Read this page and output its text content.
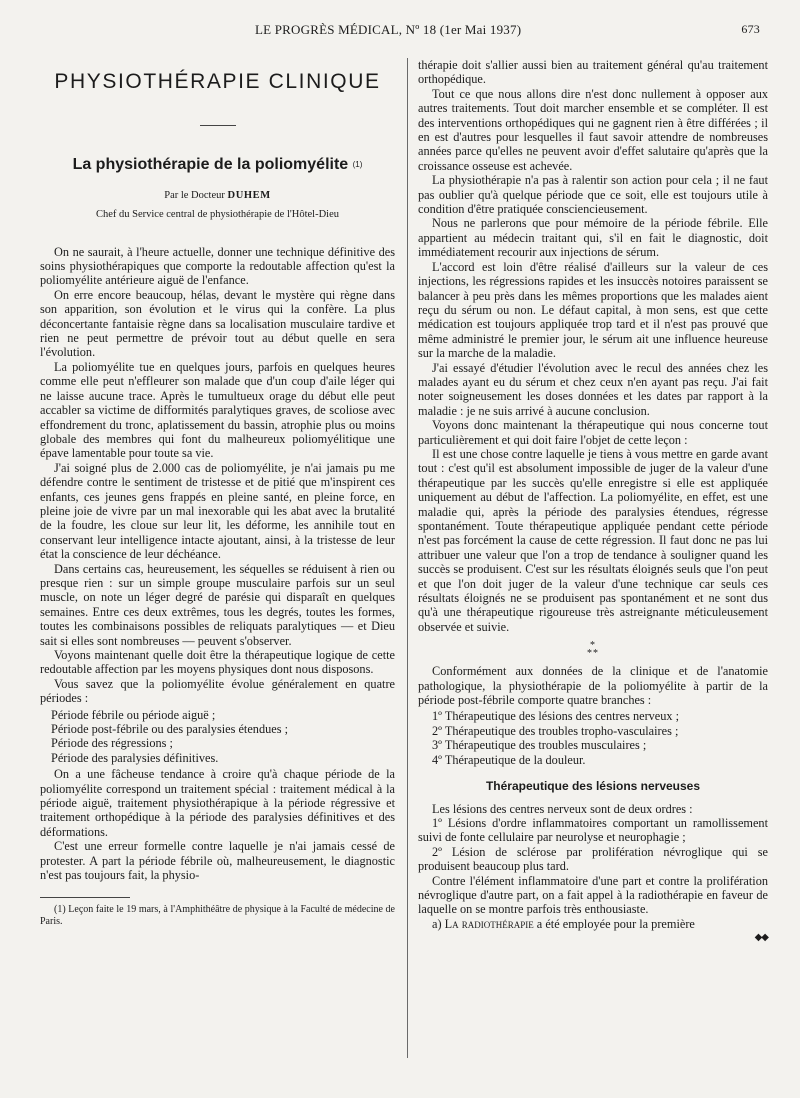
LE PROGRÈS MÉDICAL, Nº 18 (1er Mai 1937)	673
PHYSIOTHÉRAPIE CLINIQUE
La physiothérapie de la poliomyélite $^{(1)}$
Par le Docteur DUHEM
Chef du Service central de physiothérapie de l'Hôtel-Dieu

On ne saurait, à l'heure actuelle, donner une technique définitive des soins physiothérapiques que comporte la redoutable affection qu'est la poliomyélite antérieure aiguë de l'enfance.

On erre encore beaucoup, hélas, devant le mystère qui règne dans son apparition, son évolution et le virus qui la confère. La plus déconcertante fantaisie règne dans sa localisation musculaire tardive et rien ne peut permettre de prévoir tout au début quelle en sera l'évolution.

La poliomyélite tue en quelques jours, parfois en quelques heures comme elle peut n'effleurer son malade que d'un coup d'aile léger qui ne laisse aucune trace. Après le tumultueux orage du début elle peut accabler sa victime de difformités paralytiques graves, de scoliose avec effondrement du tronc, aplatissement du bassin, atrophie plus ou moins globale des membres qui font du malheureux poliomyélitique une épave lamentable pour toute sa vie.

J'ai soigné plus de 2.000 cas de poliomyélite, je n'ai jamais pu me défendre contre le sentiment de tristesse et de pitié que m'inspirent ces enfants, ces jeunes gens frappés en pleine santé, en pleine force, en pleine joie de vivre par un mal inexorable qui les abat avec la brutalité de la foudre, les cloue sur leur lit, les déforme, les annihile tout en conservant leur intelligence intacte ajoutant, ainsi, à la tristesse de leur état la conscience de leur déchéance.

Dans certains cas, heureusement, les séquelles se réduisent à rien ou presque rien : sur un simple groupe musculaire parfois sur un seul muscle, on note un léger degré de parésie qui disparaît en quelques semaines. Entre ces deux extrêmes, tous les degrés, toutes les formes, toutes les combinaisons possibles de reliquats paralytiques — et Dieu sait si elles sont nombreuses — peuvent s'observer.

Voyons maintenant quelle doit être la thérapeutique logique de cette redoutable affection par les moyens physiques dont nous disposons.

Vous savez que la poliomyélite évolue généralement en quatre périodes :

Période fébrile ou période aiguë ;
Période post-fébrile ou des paralysies étendues ;
Période des régressions ;
Période des paralysies définitives.

On a une fâcheuse tendance à croire qu'à chaque période de la poliomyélite correspond un traitement spécial : traitement médical à la période aiguë, traitement physiothérapique à la période régressive et traitement orthopédique à la période des paralysies définitives et des déformations.

C'est une erreur formelle contre laquelle je n'ai jamais cessé de protester. A part la période fébrile où, malheureusement, le diagnostic n'est pas toujours fait, la physio-

(1) Leçon faite le 19 mars, à l'Amphithéâtre de physique à la Faculté de médecine de Paris.

thérapie doit s'allier aussi bien au traitement général qu'au traitement orthopédique.

Tout ce que nous allons dire n'est donc nullement à opposer aux autres traitements. Tout doit marcher ensemble et se compléter. Il est des interventions orthopédiques qui ne gagnent rien à être différées ; il en est d'autres pour lesquelles il faut savoir attendre de nombreuses années parce qu'elles ne peuvent avoir d'effet salutaire qu'après que la croissance osseuse est achevée.

La physiothérapie n'a pas à ralentir son action pour cela ; il ne faut pas oublier qu'à quelque période que ce soit, elle est toujours utile à condition d'être pratiquée consciencieusement.

Nous ne parlerons que pour mémoire de la période fébrile. Elle appartient au médecin traitant qui, s'il en fait le diagnostic, doit immédiatement recourir aux injections de sérum.

L'accord est loin d'être réalisé d'ailleurs sur la valeur de ces injections, les régressions rapides et les insuccès notoires paraissent se balancer à peu près dans les mêmes proportions que les malades aient reçu du sérum ou non. Le défaut capital, à mon sens, est que cette médication est toujours appliquée trop tard et il n'est pas prouvé que même administré le premier jour, le sérum ait une influence heureuse sur la marche de la maladie.

J'ai essayé d'étudier l'évolution avec le recul des années chez les malades ayant eu du sérum et chez ceux n'en ayant pas reçu. J'ai fait noter soigneusement les doses données et les dates par rapport à la maladie : je ne suis arrivé à aucune conclusion.

Voyons donc maintenant la thérapeutique qui nous concerne tout particulièrement et qui doit faire l'objet de cette leçon :

Il est une chose contre laquelle je tiens à vous mettre en garde avant tout : c'est qu'il est absolument impossible de juger de la valeur d'une thérapeutique par les succès qu'elle enregistre si elle est appliquée uniquement au début de l'affection. La poliomyélite, en effet, est une maladie qui, après la période des paralysies étendues, régresse spontanément. Toute thérapeutique appliquée pendant cette période n'est pas forcément la cause de cette régression. Il faut donc ne pas lui attribuer une valeur que l'on a trop de tendance à souligner quand les succès se produisent. C'est sur les résultats éloignés seuls que l'on peut et que l'on doit juger de la valeur d'une technique car seuls ces résultats éloignés ne se produisent pas spontanément et ne sont dus qu'à une thérapeutique rigoureuse très astreignante méticuleusement observée et suivie.

*
**

Conformément aux données de la clinique et de l'anatomie pathologique, la physiothérapie de la poliomyélite à partir de la période post-fébrile comporte quatre branches :

1º Thérapeutique des lésions des centres nerveux ;
2º Thérapeutique des troubles tropho-vasculaires ;
3º Thérapeutique des troubles musculaires ;
4º Thérapeutique de la douleur.
Thérapeutique des lésions nerveuses

Les lésions des centres nerveux sont de deux ordres :

1º Lésions d'ordre inflammatoires comportant un ramollissement suivi de fonte cellulaire par neurolyse et neurophagie ;

2º Lésion de sclérose par prolifération névroglique qui se produisent beaucoup plus tard.

Contre l'élément inflammatoire d'une part et contre la prolifération névroglique d'autre part, on a fait appel à la radiothérapie en faveur de laquelle on se montre parfois très enthousiaste.

a) La radiothérapie a été employée pour la première

◆◆
